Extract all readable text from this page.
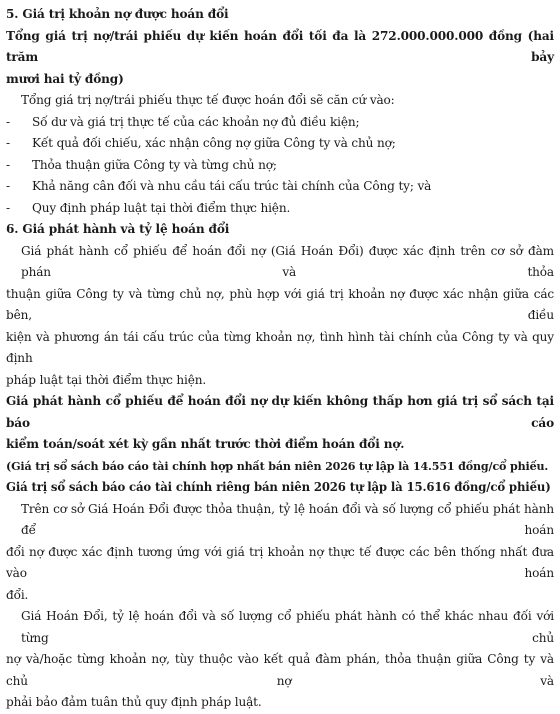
5. Giá trị khoản nợ được hoán đổi
Tổng giá trị nợ/trái phiếu dự kiến hoán đổi tối đa là 272.000.000.000 đồng (hai trăm bảy
mươi hai tỷ đồng)
Tổng giá trị nợ/trái phiếu thực tế được hoán đổi sẽ căn cứ vào:
-	Số dư và giá trị thực tế của các khoản nợ đủ điều kiện;
-	Kết quả đối chiếu, xác nhận công nợ giữa Công ty và chủ nợ;
-	Thỏa thuận giữa Công ty và từng chủ nợ;
-	Khả năng cân đối và nhu cầu tái cấu trúc tài chính của Công ty; và
-	Quy định pháp luật tại thời điểm thực hiện.
6. Giá phát hành và tỷ lệ hoán đổi
Giá phát hành cổ phiếu để hoán đổi nợ (Giá Hoán Đổi) được xác định trên cơ sở đàm phán và thỏa
thuận giữa Công ty và từng chủ nợ, phù hợp với giá trị khoản nợ được xác nhận giữa các bên, điều
kiện và phương án tái cấu trúc của từng khoản nợ, tình hình tài chính của Công ty và quy định
pháp luật tại thời điểm thực hiện.
Giá phát hành cổ phiếu để hoán đổi nợ dự kiến không thấp hơn giá trị sổ sách tại báo cáo
kiểm toán/soát xét kỳ gần nhất trước thời điểm hoán đổi nợ.
(Giá trị sổ sách báo cáo tài chính hợp nhất bán niên 2026 tự lập là 14.551 đồng/cổ phiếu.
Giá trị sổ sách báo cáo tài chính riêng bán niên 2026 tự lập là 15.616 đồng/cổ phiếu)
Trên cơ sở Giá Hoán Đổi được thỏa thuận, tỷ lệ hoán đổi và số lượng cổ phiếu phát hành để hoán
đổi nợ được xác định tương ứng với giá trị khoản nợ thực tế được các bên thống nhất đưa vào hoán
đổi.
Giá Hoán Đổi, tỷ lệ hoán đổi và số lượng cổ phiếu phát hành có thể khác nhau đối với từng chủ
nợ và/hoặc từng khoản nợ, tùy thuộc vào kết quả đàm phán, thỏa thuận giữa Công ty và chủ nợ và
phải bảo đảm tuân thủ quy định pháp luật.
